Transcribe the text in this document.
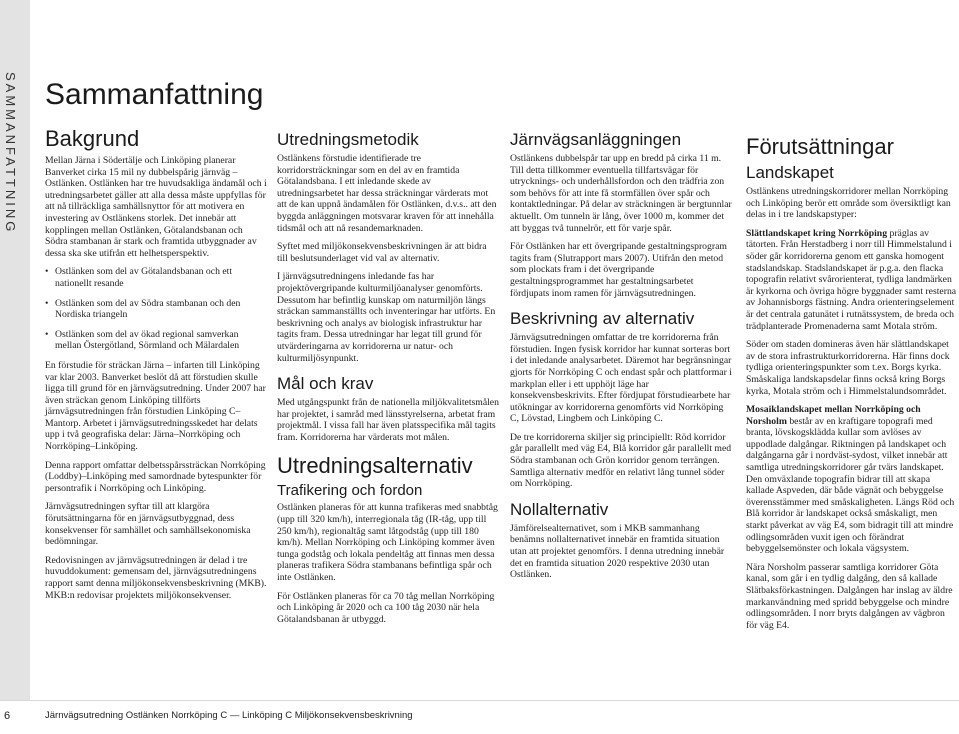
SAMMANFATTNING Sammanfattning
Bakgrund

Mellan Järna i Södertälje och Linköping planerar Banverket cirka 15 mil ny dubbelspårig järnväg – Ostlänken. Ostlänken har tre huvudsakliga ändamål och i utredningsarbetet gäller att alla dessa måste uppfyllas för att nå tillräckliga samhällsnyttor för att motivera en investering av Ostlänkens storlek. Det innebär att kopplingen mellan Ostlänken, Götalandsbanan och Södra stambanan är stark och framtida utbyggnader av dessa ska ske utifrån ett helhetsperspektiv.

• Ostlänken som del av Götalandsbanan och ett nationellt resande
• Ostlänken som del av Södra stambanan och den Nordiska triangeln
• Ostlänken som del av ökad regional samverkan mellan Östergötland, Sörmland och Mälardalen

En förstudie för sträckan Järna – infarten till Linköping var klar 2003. Banverket beslöt då att förstudien skulle ligga till grund för en järnvägsutredning. Under 2007 har även sträckan genom Linköping tillförts järnvägsutredningen från förstudien Linköping C–Mantorp. Arbetet i järnvägsutredningsskedet har delats upp i två geografiska delar: Järna–Norrköping och Norrköping–Linköping.

Denna rapport omfattar delbetsspårssträckan Norrköping (Loddby)–Linköping med samordnade bytespunkter för persontrafik i Norrköping och Linköping.

Järnvägsutredningen syftar till att klargöra förutsättningarna för en järnvägsutbyggnad, dess konsekvenser för samhället och samhällsekonomiska bedömningar.

Redovisningen av järnvägsutredningen är delad i tre huvuddokument: gemensam del, järnvägsutredningens rapport samt denna miljökonsekvensbeskrivning (MKB). MKB:n redovisar projektets miljökonsekvenser.

Utredningsmetodik

Ostlänkens förstudie identifierade tre korridorsträckningar som en del av en framtida Götalandsbana. I ett inledande skede av utredningsarbetet har dessa sträckningar värderats mot att de kan uppnå ändamålen för Ostlänken, d.v.s.. att den byggda anläggningen motsvarar kraven för att innehålla tidsmål och att nå resandemarknaden.

Syftet med miljökonsekvensbeskrivningen är att bidra till beslutsunderlaget vid val av alternativ.

I järnvägsutredningens inledande fas har projektövergripande kulturmiljöanalyser genomförts. Dessutom har befintlig kunskap om naturmiljön längs sträckan sammanställts och inventeringar har utförts. En beskrivning och analys av biologisk infrastruktur har tagits fram. Dessa utredningar har legat till grund för utvärderingarna av korridorerna ur natur- och kulturmiljösynpunkt.

Mål och krav

Med utgångspunkt från de nationella miljökvalitetsmålen har projektet, i samråd med länsstyrelserna, arbetat fram projektmål. I vissa fall har även platsspecifika mål tagits fram. Korridorerna har värderats mot målen.

Utredningsalternativ
Trafikering och fordon

Ostlänken planeras för att kunna trafikeras med snabbtåg (upp till 320 km/h), interregionala tåg (IR-tåg, upp till 250 km/h), regionaltåg samt låtgodståg (upp till 180 km/h). Mellan Norrköping och Linköping kommer även tunga godståg och lokala pendeltåg att finnas men dessa planeras trafikera Södra stambanans befintliga spår och inte Ostlänken.

För Ostlänken planeras för ca 70 tåg mellan Norrköping och Linköping år 2020 och ca 100 tåg 2030 när hela Götalandsbanan är utbyggd.

Järnvägsanläggningen

Ostlänkens dubbelspår tar upp en bredd på cirka 11 m. Till detta tillkommer eventuella tillfartsvägar för utrycknings- och underhållsfordon och den trädfria zon som behövs för att inte få stormfällen över spår och kontaktledningar. På delar av sträckningen är bergtunnlar aktuellt. Om tunneln är lång, över 1000 m, kommer det att byggas två tunnelrör, ett för varje spår.

För Ostlänken har ett övergripande gestaltningsprogram tagits fram (Slutrapport mars 2007). Utifrån den metod som plockats fram i det övergripande gestaltningsprogrammet har gestaltningsarbetet fördjupats inom ramen för järnvägsutredningen.

Beskrivning av alternativ

Järnvägsutredningen omfattar de tre korridorerna från förstudien. Ingen fysisk korridor har kunnat sorteras bort i det inledande analysarbetet. Däremot har begränsningar gjorts för Norrköping C och endast spår och plattformar i markplan eller i ett upphöjt läge har konsekvensbeskrivits. Efter fördjupat förstudiearbete har utökningar av korridorerna genomförts vid Norrköping C, Lövstad, Lingbem och Linköping C.

De tre korridorerna skiljer sig principiellt: Röd korridor går parallellt med väg E4, Blå korridor går parallellt med Södra stambanan och Grön korridor genom terrängen. Samtliga alternativ medför en relativt lång tunnel söder om Norrköping.

Nollalternativ

Jämförelsealternativet, som i MKB sammanhang benämns nollalternativet innebär en framtida situation utan att projektet genomförs. I denna utredning innebär det en framtida situation 2020 respektive 2030 utan Ostlänken.

Förutsättningar
Landskapet

Ostlänkens utredningskorridorer mellan Norrköping och Linköping berör ett område som översiktligt kan delas in i tre landskapstyper:

Slättlandskapet kring Norrköping präglas av tätorten. Från Herstadberg i norr till Himmelstalund i söder går korridorerna genom ett ganska homogent stadslandskap. Stadslandskapet är p.g.a. den flacka topografin relativt svårorienterat, tydliga landmärken är kyrkorna och övriga högre byggnader samt resterna av Johannisborgs fästning. Andra orienteringselement är det centrala gatunätet i rutnätssystem, de breda och trädplanterade Promenaderna samt Motala ström.

Söder om staden domineras även här slättlandskapet av de stora infrastrukturkorridorerna. Här finns dock tydliga orienteringspunkter som t.ex. Borgs kyrka. Småskaliga landskapsdelar finns också kring Borgs kyrka, Motala ström och i Himmelstalundsområdet.

Mosaiklandskapet mellan Norrköping och Norsholm består av en kraftigare topografi med branta, lövskogsklädda kullar som avlöses av uppodlade dalgångar. Riktningen på landskapet och dalgångarna går i nordväst-sydost, vilket innebär att samtliga utredningskorridorer går tvärs landskapet. Den omväxlande topografin bidrar till att skapa kallade Aspveden, där både vägnät och bebyggelse överensstämmer med småskaligheten. Längs Röd och Blå korridor är landskapet också småskaligt, men starkt påverkat av väg E4, som bidragit till att mindre odlingsområden vuxit igen och förändrat bebyggelsemönster och lokala vägsystem.

Nära Norsholm passerar samtliga korridorer Göta kanal, som går i en tydlig dalgång, den så kallade Slätbaksförkastningen. Dalgången har inslag av äldre markanvändning med spridd bebyggelse och mindre odlingsområden. I norr bryts dalgången av vägbron för väg E4.

6	Järnvägsutredning Ostlänken Norrköping C — Linköping C Miljökonsekvensbeskrivning
